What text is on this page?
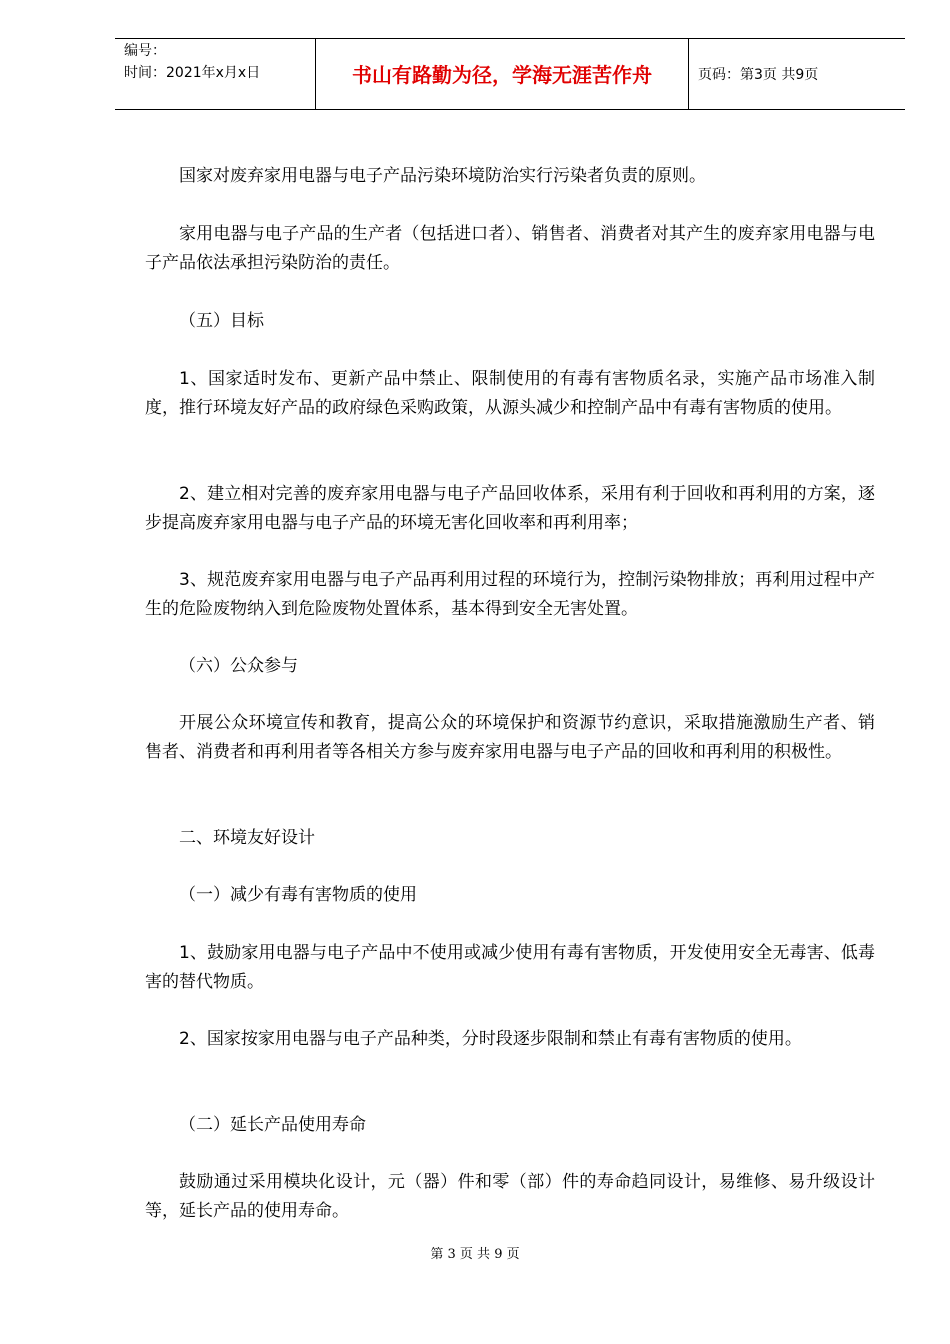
编号：
时间：2021年x月x日	书山有路勤为径，学海无涯苦作舟	页码：第3页 共9页

国家对废弃家用电器与电子产品污染环境防治实行污染者负责的原则。

家用电器与电子产品的生产者（包括进口者）、销售者、消费者对其产生的废弃家用电器与电子产品依法承担污染防治的责任。

（五）目标

1、国家适时发布、更新产品中禁止、限制使用的有毒有害物质名录，实施产品市场准入制度，推行环境友好产品的政府绿色采购政策，从源头减少和控制产品中有毒有害物质的使用。

2、建立相对完善的废弃家用电器与电子产品回收体系，采用有利于回收和再利用的方案，逐步提高废弃家用电器与电子产品的环境无害化回收率和再利用率；

3、规范废弃家用电器与电子产品再利用过程的环境行为，控制污染物排放；再利用过程中产生的危险废物纳入到危险废物处置体系，基本得到安全无害处置。

（六）公众参与

开展公众环境宣传和教育，提高公众的环境保护和资源节约意识，采取措施激励生产者、销售者、消费者和再利用者等各相关方参与废弃家用电器与电子产品的回收和再利用的积极性。

二、环境友好设计

（一）减少有毒有害物质的使用

1、鼓励家用电器与电子产品中不使用或减少使用有毒有害物质，开发使用安全无毒害、低毒害的替代物质。

2、国家按家用电器与电子产品种类，分时段逐步限制和禁止有毒有害物质的使用。

（二）延长产品使用寿命

鼓励通过采用模块化设计，元（器）件和零（部）件的寿命趋同设计，易维修、易升级设计等，延长产品的使用寿命。

第 3 页 共 9 页
